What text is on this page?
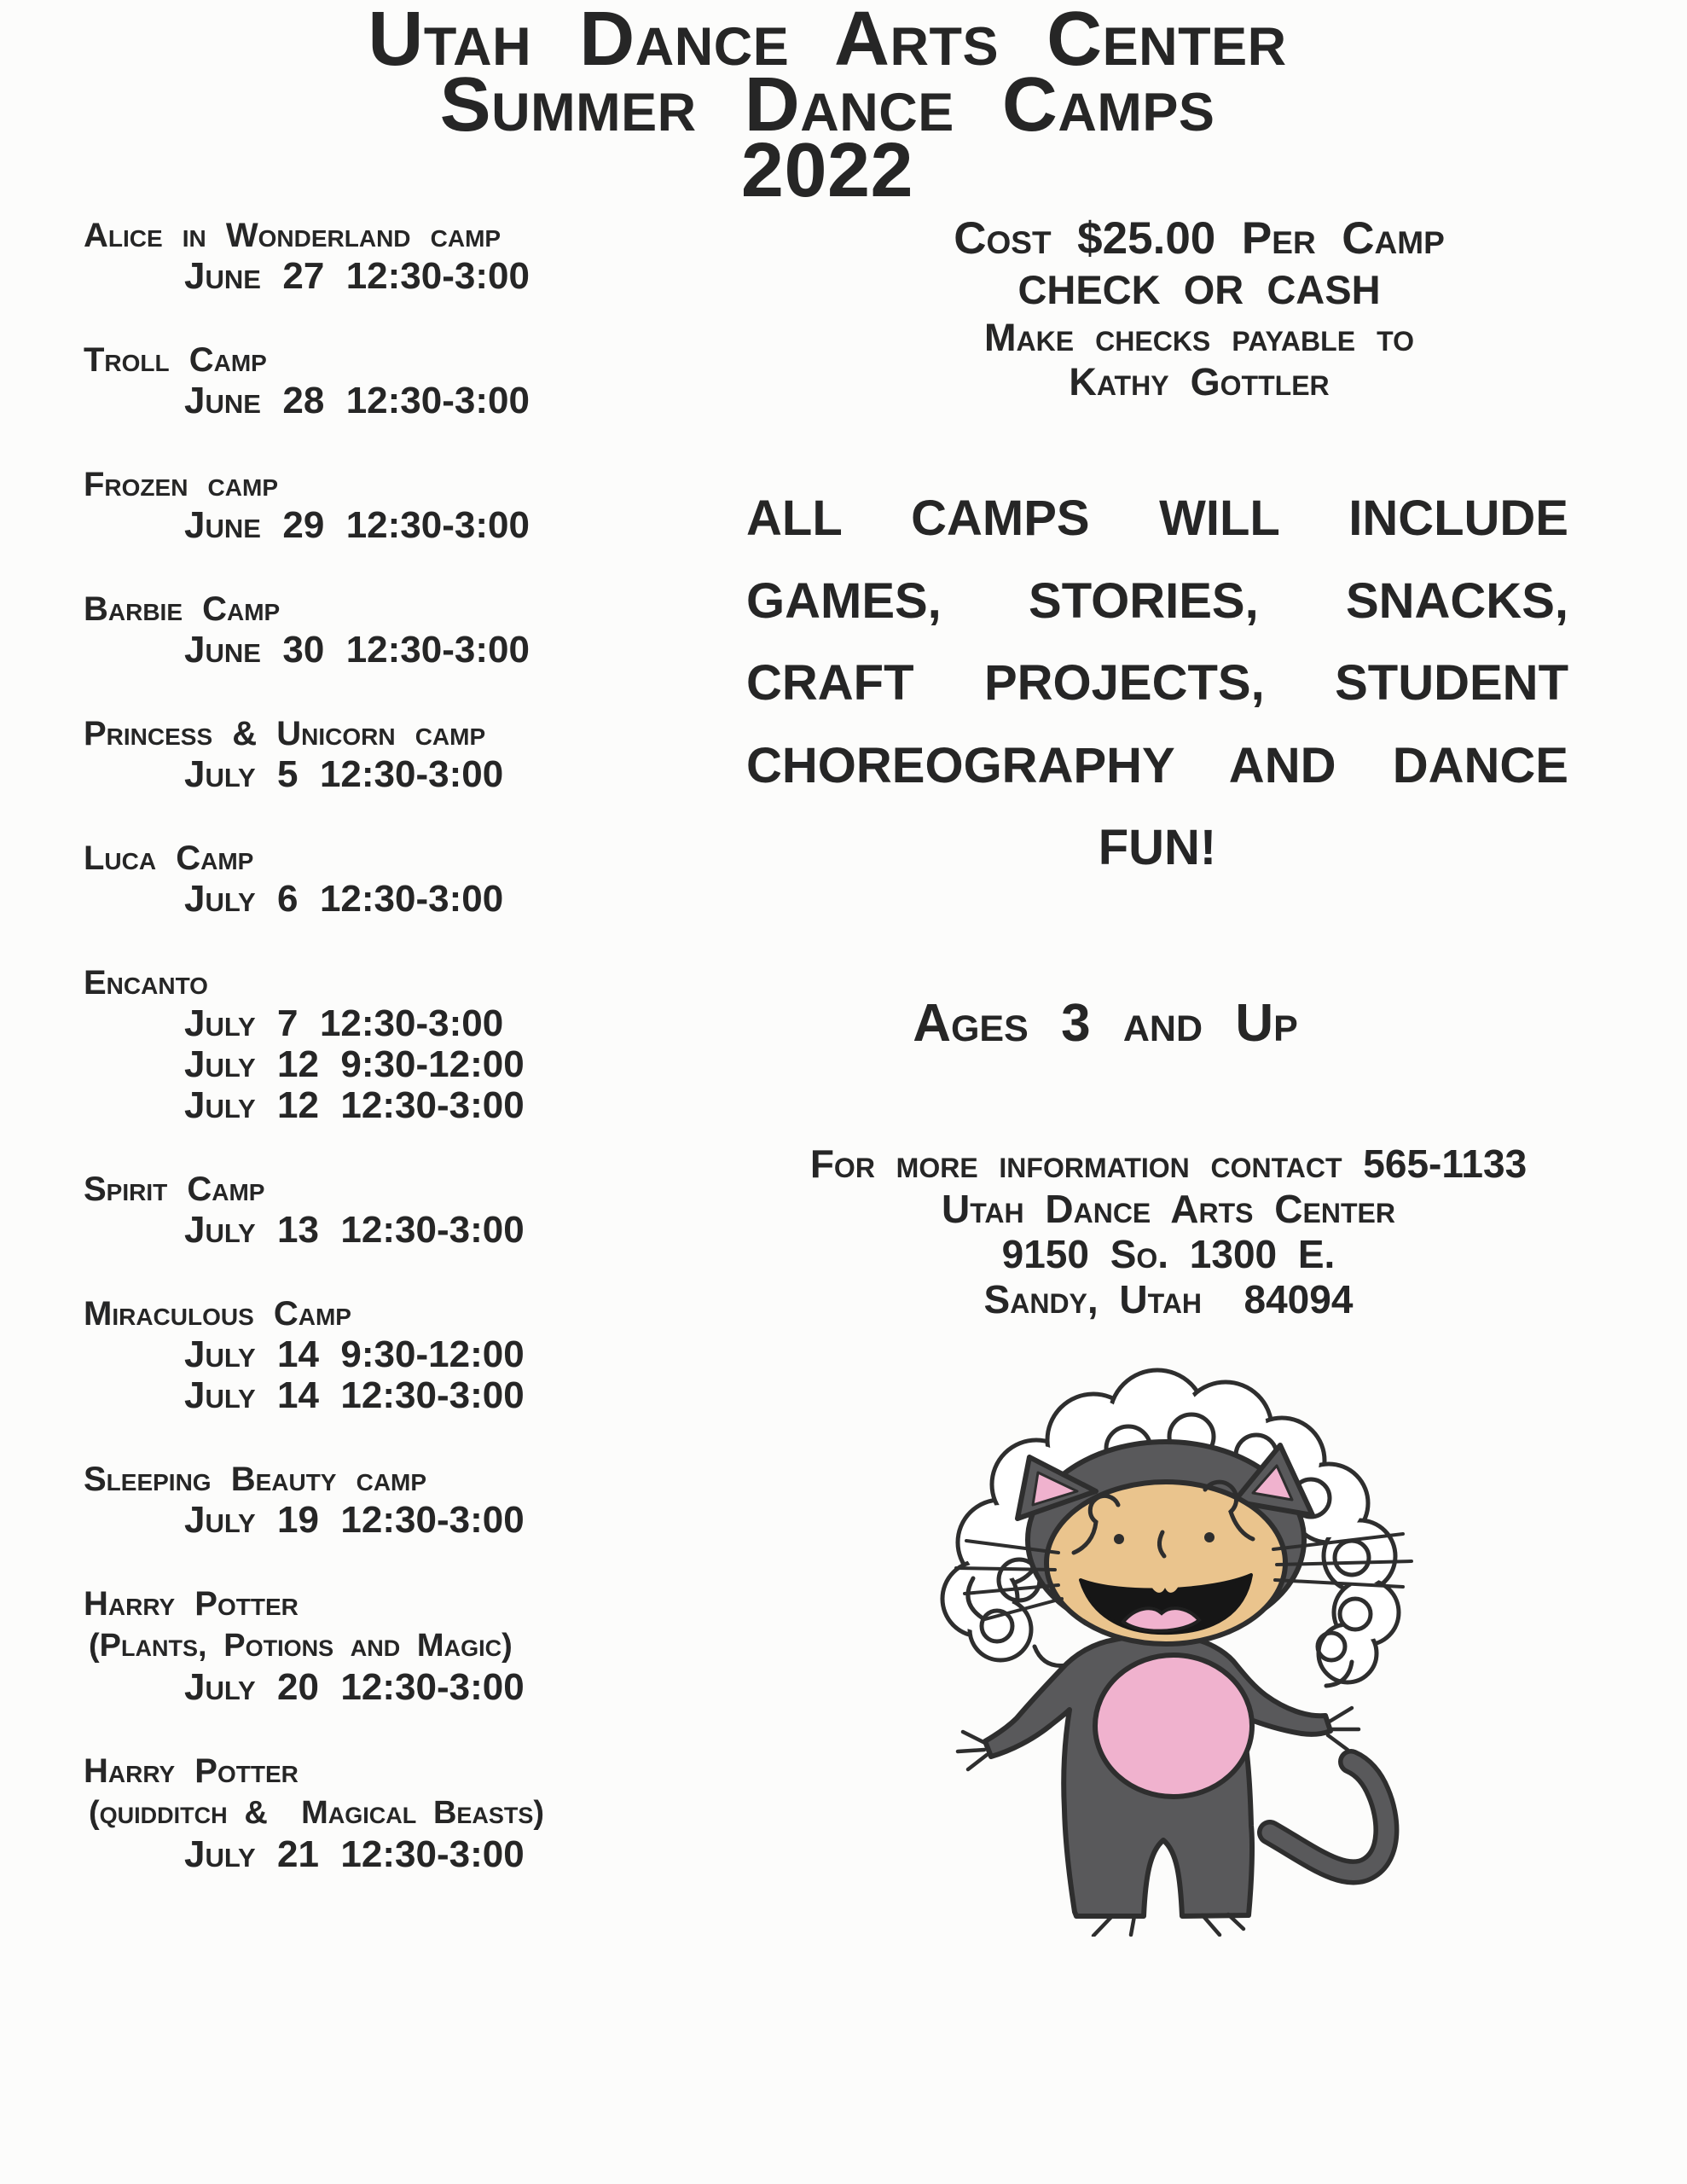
Utah Dance Arts Center
Summer Dance Camps
2022
Alice in Wonderland camp
June 27 12:30-3:00
Troll Camp
June 28 12:30-3:00
Frozen camp
June 29 12:30-3:00
Barbie Camp
June 30 12:30-3:00
Princess & Unicorn camp
July 5 12:30-3:00
Luca Camp
July 6 12:30-3:00
Encanto
July 7 12:30-3:00
July 12 9:30-12:00
July 12 12:30-3:00
Spirit Camp
July 13 12:30-3:00
Miraculous Camp
July 14 9:30-12:00
July 14 12:30-3:00
Sleeping Beauty camp
July 19 12:30-3:00
Harry Potter
(Plants, Potions and Magic)
July 20 12:30-3:00
Harry Potter
(quidditch &  Magical Beasts)
July 21 12:30-3:00
Cost $25.00 Per Camp
CHECK OR CASH
Make checks payable to
Kathy Gottler
ALL CAMPS WILL INCLUDE
GAMES, STORIES, SNACKS,
CRAFT PROJECTS, STUDENT
CHOREOGRAPHY AND DANCE
FUN!
Ages 3 and Up
For more information contact 565-1133
Utah Dance Arts Center
9150 So. 1300 E.
Sandy, Utah  84094
